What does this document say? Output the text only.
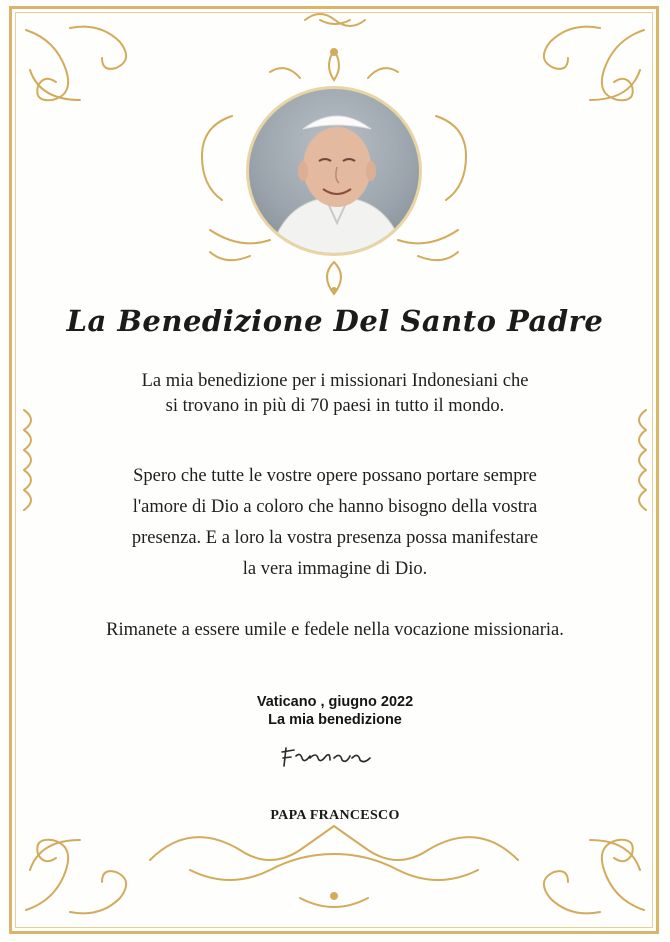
La Benedizione Del Santo Padre
La mia benedizione per i missionari Indonesiani che
si trovano in più di 70 paesi in tutto il mondo.
Spero che tutte le vostre opere possano portare sempre
l'amore di Dio a coloro che hanno bisogno della vostra
presenza. E a loro la vostra presenza possa manifestare
la vera immagine di Dio.
Rimanete a essere umile e fedele nella vocazione missionaria.
Vaticano , giugno 2022
La mia benedizione
PAPA FRANCESCO
